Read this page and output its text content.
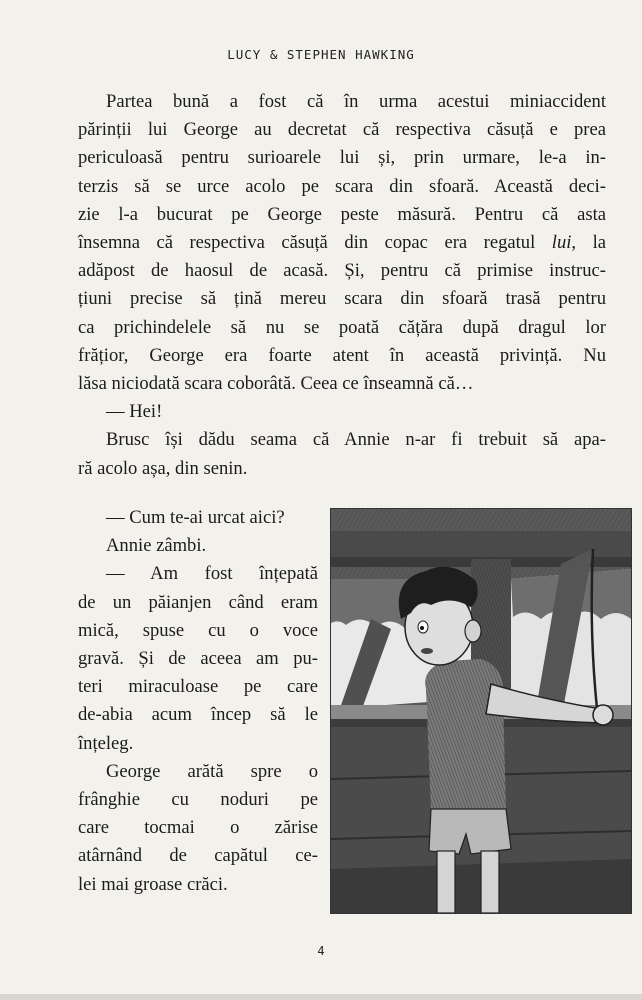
LUCY & STEPHEN HAWKING
Partea bună a fost că în urma acestui miniaccident
părinții lui George au decretat că respectiva căsuță e prea
periculoasă pentru surioarele lui și, prin urmare, le-a in-
terzis să se urce acolo pe scara din sfoară. Această deci-
zie l-a bucurat pe George peste măsură. Pentru că asta
însemna că respectiva căsuță din copac era regatul lui, la
adăpost de haosul de acasă. Și, pentru că primise instruc-
țiuni precise să țină mereu scara din sfoară trasă pentru
ca prichindelele să nu se poată cățăra după dragul lor
frățior, George era foarte atent în această privință. Nu
lăsa niciodată scara coborâtă. Ceea ce înseamnă că…
— Hei!
Brusc își dădu seama că Annie n-ar fi trebuit să apa-
ră acolo așa, din senin.
— Cum te-ai urcat aici?
Annie zâmbi.
— Am fost înțepată
de un păianjen când eram
mică, spuse cu o voce
gravă. Și de aceea am pu-
teri miraculoase pe care
de-abia acum încep să le
înțeleg.
George arătă spre o
frânghie cu noduri pe
care tocmai o zărise
atârnând de capătul ce-
lei mai groase crăci.
4
